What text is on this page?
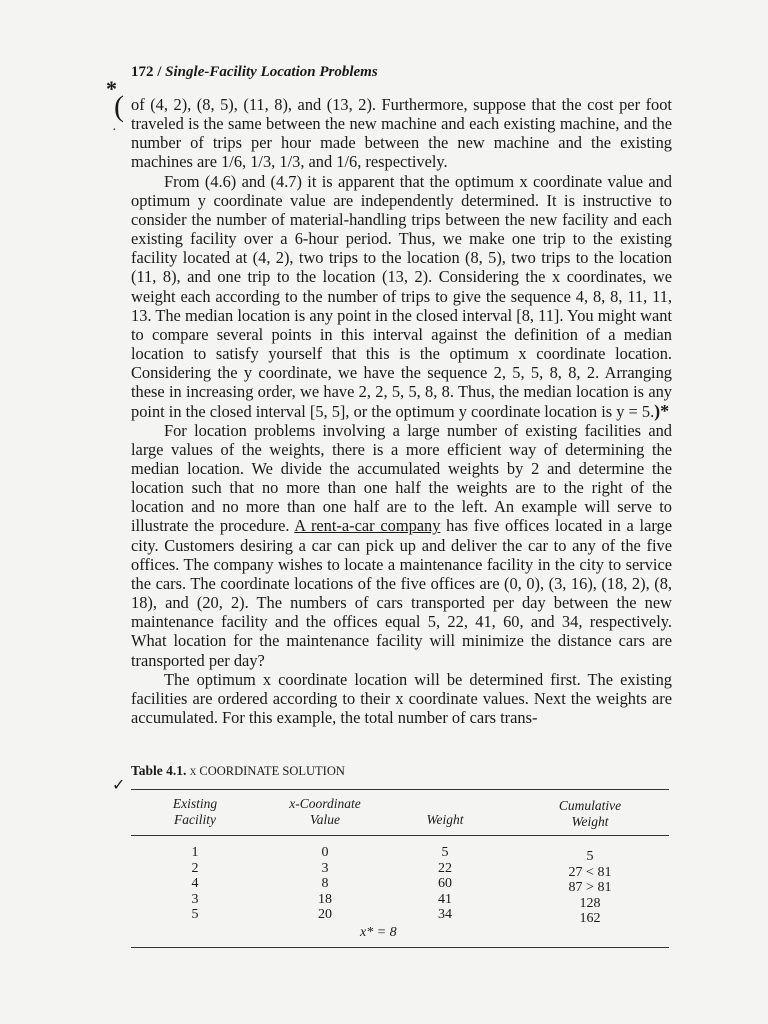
172 / Single-Facility Location Problems
*
(
·

of (4, 2), (8, 5), (11, 8), and (13, 2). Furthermore, suppose that the cost per foot traveled is the same between the new machine and each existing machine, and the number of trips per hour made between the new machine and the existing machines are 1/6, 1/3, 1/3, and 1/6, respectively.

From (4.6) and (4.7) it is apparent that the optimum x coordinate value and optimum y coordinate value are independently determined. It is instructive to consider the number of material-handling trips between the new facility and each existing facility over a 6-hour period. Thus, we make one trip to the existing facility located at (4, 2), two trips to the location (8, 5), two trips to the location (11, 8), and one trip to the location (13, 2). Considering the x coordinates, we weight each according to the number of trips to give the sequence 4, 8, 8, 11, 11, 13. The median location is any point in the closed interval [8, 11]. You might want to compare several points in this interval against the definition of a median location to satisfy yourself that this is the optimum x coordinate location. Considering the y coordinate, we have the sequence 2, 5, 5, 8, 8, 2. Arranging these in increasing order, we have 2, 2, 5, 5, 8, 8. Thus, the median location is any point in the closed interval [5, 5], or the optimum y coordinate location is y = 5.)*

For location problems involving a large number of existing facilities and large values of the weights, there is a more efficient way of determining the median location. We divide the accumulated weights by 2 and determine the location such that no more than one half the weights are to the right of the location and no more than one half are to the left. An example will serve to illustrate the procedure. A rent-a-car company has five offices located in a large city. Customers desiring a car can pick up and deliver the car to any of the five offices. The company wishes to locate a maintenance facility in the city to service the cars. The coordinate locations of the five offices are (0, 0), (3, 16), (18, 2), (8, 18), and (20, 2). The numbers of cars transported per day between the new maintenance facility and the offices equal 5, 22, 41, 60, and 34, respectively. What location for the maintenance facility will minimize the distance cars are transported per day?

The optimum x coordinate location will be determined first. The existing facilities are ordered according to their x coordinate values. Next the weights are accumulated. For this example, the total number of cars trans-

✓
Table 4.1. x COORDINATE SOLUTION
Existing
Facility
x-Coordinate
Value	Weight
Cumulative
Weight
1	0	5	5
2	3	22	27 < 81
4	8	60	87 > 81
3	18	41	128
5	20	34	162
x* = 8
